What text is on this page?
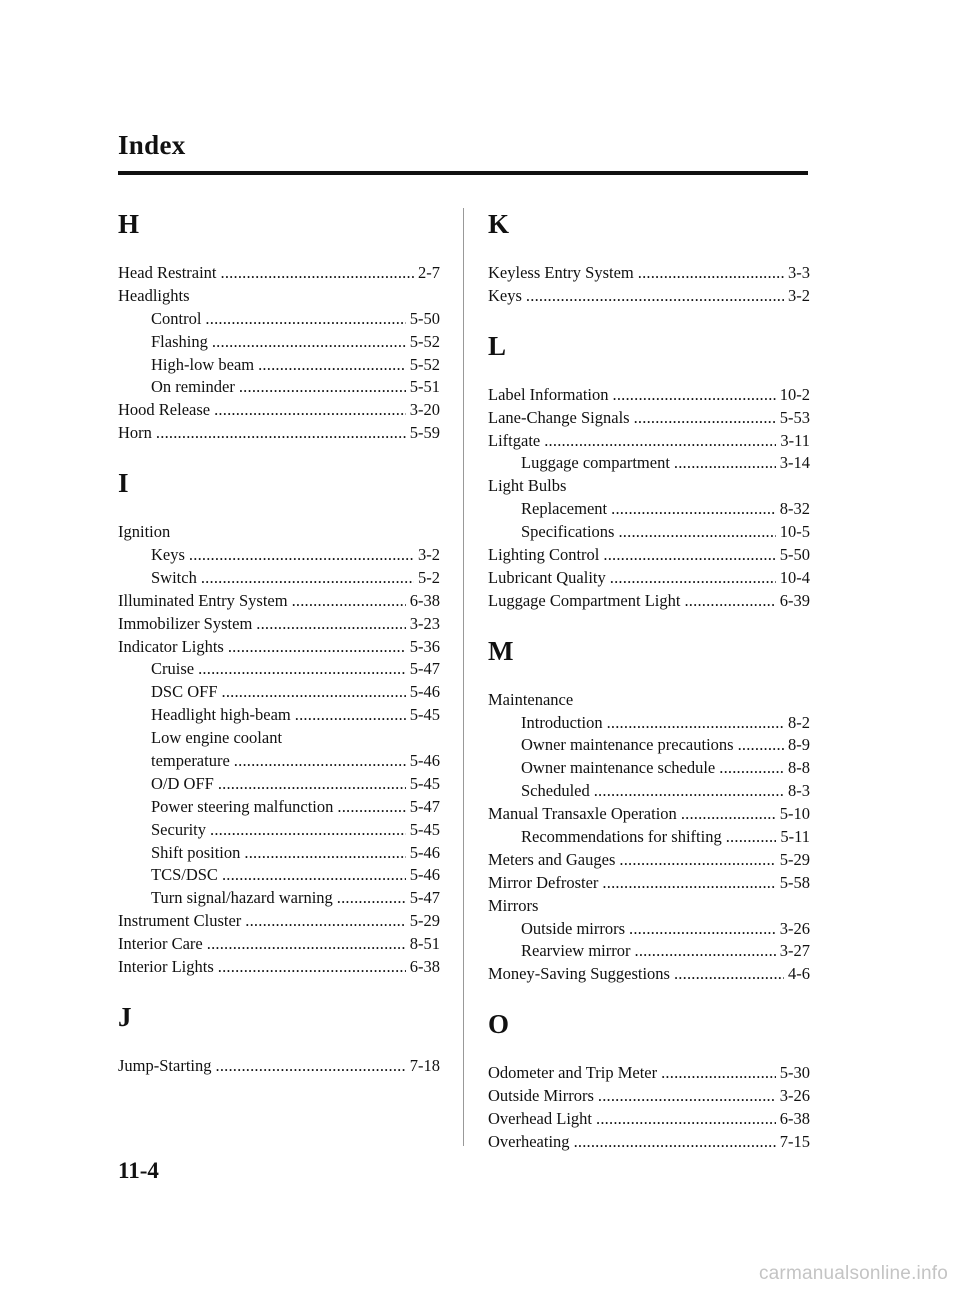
Index
H
Head Restraint .....	2-7
Headlights
Control .....	5-50
Flashing .....	5-52
High-low beam .....	5-52
On reminder .....	5-51
Hood Release .....	3-20
Horn .....	5-59
I
Ignition
Keys .....	3-2
Switch .....	5-2
Illuminated Entry System .....	6-38
Immobilizer System .....	3-23
Indicator Lights .....	5-36
Cruise .....	5-47
DSC OFF .....	5-46
Headlight high-beam .....	5-45
Low engine coolant
temperature .....	5-46
O/D OFF .....	5-45
Power steering malfunction .....	5-47
Security .....	5-45
Shift position .....	5-46
TCS/DSC .....	5-46
Turn signal/hazard warning .....	5-47
Instrument Cluster .....	5-29
Interior Care .....	8-51
Interior Lights .....	6-38
J
Jump-Starting .....	7-18
K
Keyless Entry System .....	3-3
Keys .....	3-2
L
Label Information .....	10-2
Lane-Change Signals .....	5-53
Liftgate .....	3-11
Luggage compartment .....	3-14
Light Bulbs
Replacement .....	8-32
Specifications .....	10-5
Lighting Control .....	5-50
Lubricant Quality .....	10-4
Luggage Compartment Light .....	6-39
M
Maintenance
Introduction .....	8-2
Owner maintenance precautions .....	8-9
Owner maintenance schedule .....	8-8
Scheduled .....	8-3
Manual Transaxle Operation .....	5-10
Recommendations for shifting .....	5-11
Meters and Gauges .....	5-29
Mirror Defroster .....	5-58
Mirrors
Outside mirrors .....	3-26
Rearview mirror .....	3-27
Money-Saving Suggestions .....	4-6
O
Odometer and Trip Meter .....	5-30
Outside Mirrors .....	3-26
Overhead Light .....	6-38
Overheating .....	7-15
11-4
carmanualsonline.info
